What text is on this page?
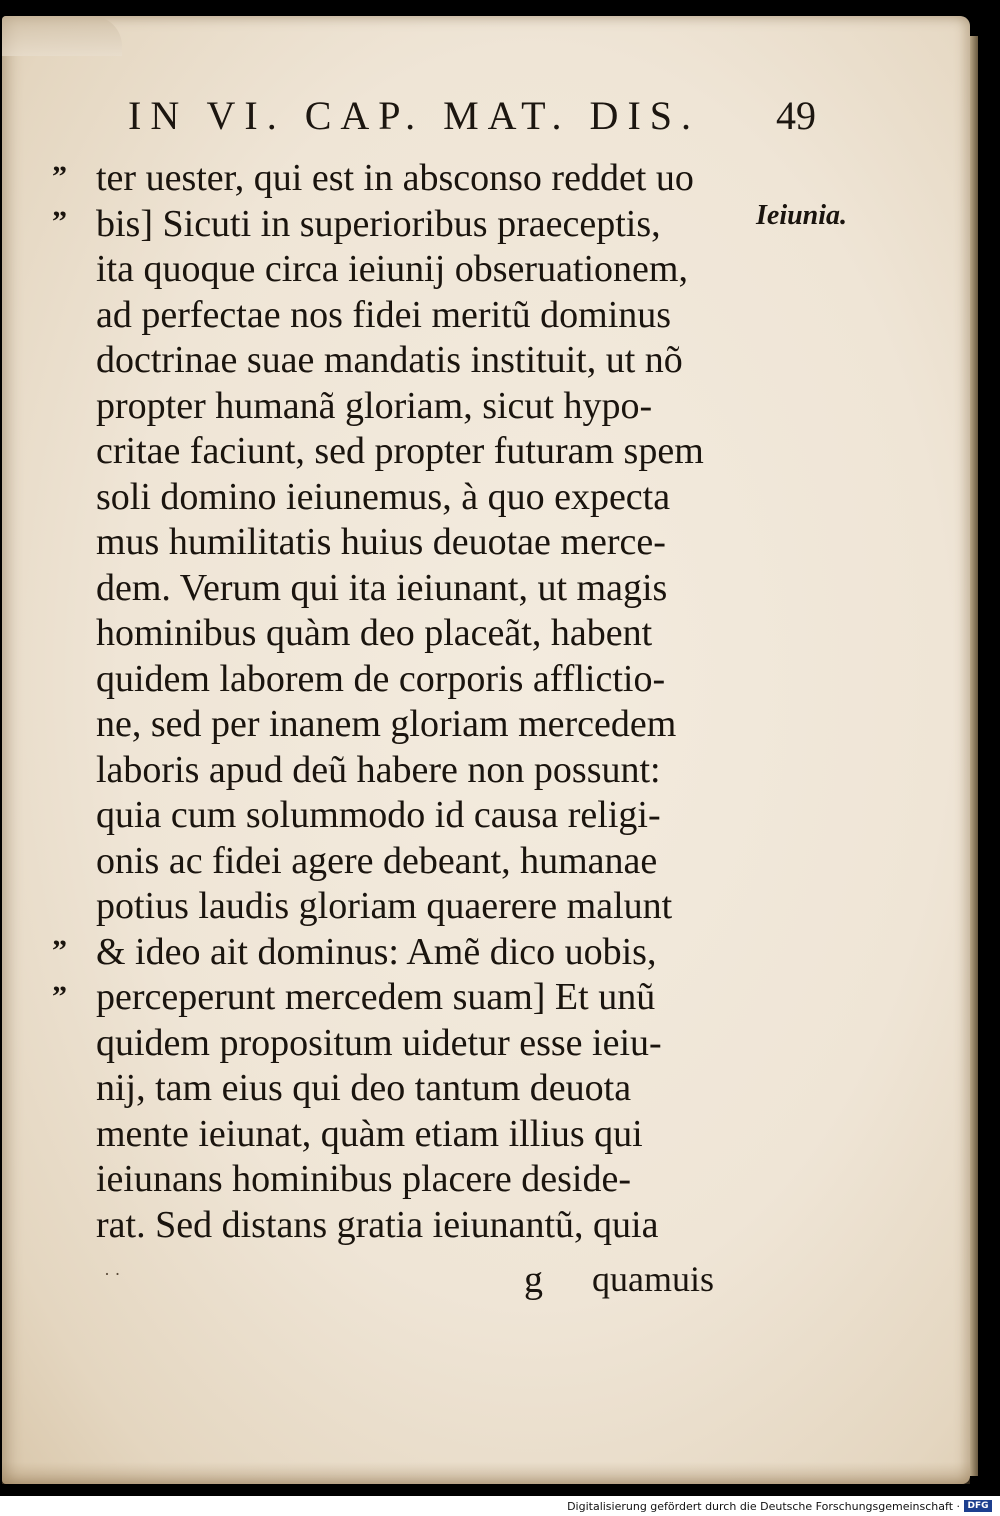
IN VI. CAP. MAT. DIS. 49
Ieiunia.
”
”
”
”
ter uester, qui est in absconso reddet uo
bis] Sicuti in superioribus praeceptis,
ita quoque circa ieiunij obseruationem,
ad perfectae nos fidei meritũ dominus
doctrinae suae mandatis instituit, ut nõ
propter humanã gloriam, sicut hypo-
critae faciunt, sed propter futuram spem
soli domino ieiunemus, à quo expecta
mus humilitatis huius deuotae merce-
dem. Verum qui ita ieiunant, ut magis
hominibus quàm deo placeãt, habent
quidem laborem de corporis afflictio-
ne, sed per inanem gloriam mercedem
laboris apud deũ habere non possunt:
quia cum solummodo id causa religi-
onis ac fidei agere debeant, humanae
potius laudis gloriam quaerere malunt
& ideo ait dominus: Amẽ dico uobis,
perceperunt mercedem suam] Et unũ
quidem propositum uidetur esse ieiu-
nij, tam eius qui deo tantum deuota
mente ieiunat, quàm etiam illius qui
ieiunans hominibus placere deside-
rat. Sed distans gratia ieiunantũ, quia
· ·	g quamuis
Digitalisierung gefördert durch die Deutsche Forschungsgemeinschaft · DFG
